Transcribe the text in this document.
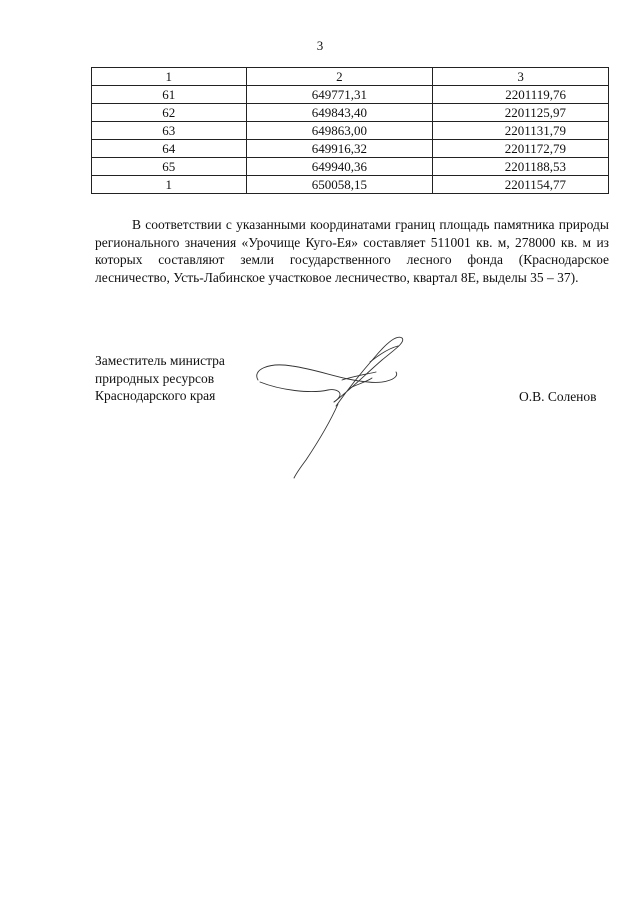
3
1	2	3
61	649771,31	2201119,76
62	649843,40	2201125,97
63	649863,00	2201131,79
64	649916,32	2201172,79
65	649940,36	2201188,53
1	650058,15	2201154,77

В соответствии с указанными координатами границ площадь памятника природы регионального значения «Урочище Куго-Ея» составляет 511001 кв. м, 278000 кв. м из которых составляют земли государственного лесного фонда (Краснодарское лесничество, Усть-Лабинское участковое лесничество, квартал 8Е, выделы 35 – 37).

Заместитель министра
природных ресурсов
Краснодарского края	О.В. Соленов
